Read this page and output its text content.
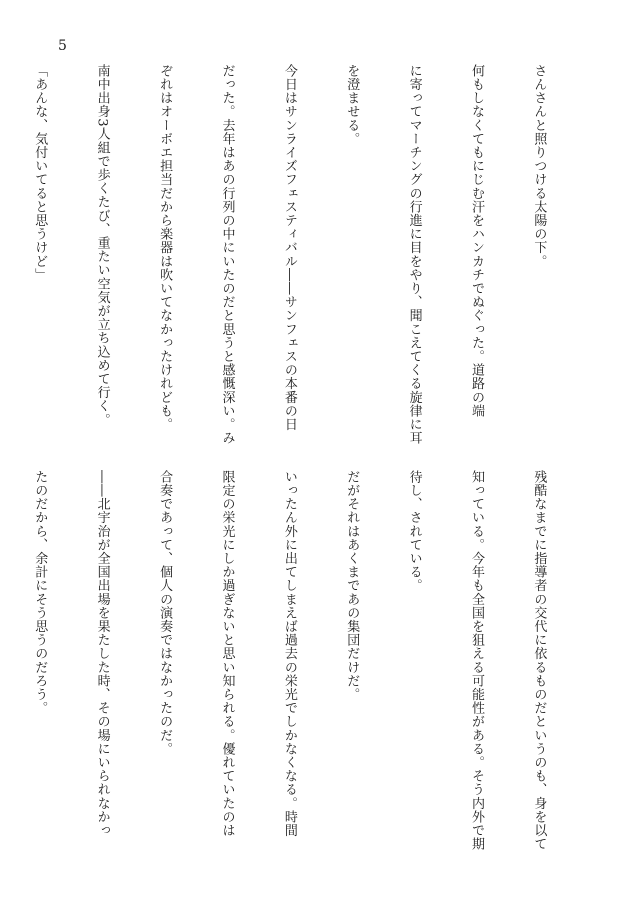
5

さんさんと照りつける太陽の下。

何もしなくてもにじむ汗をハンカチでぬぐった。道路の端

に寄ってマーチングの行進に目をやり、聞こえてくる旋律に耳

を澄ませる。

今日はサンライズフェスティバル――サンフェスの本番の日

だった。去年はあの行列の中にいたのだと思うと感慨深い。み

ぞれはオーボエ担当だから楽器は吹いてなかったけれども。

南中出身3人組で歩くたび、重たい空気が立ち込めて行く。

「あんな、気付いてると思うけど」

残酷なまでに指導者の交代に依るものだというのも、身を以て

知っている。今年も全国を狙える可能性がある。そう内外で期

待し、されている。

だがそれはあくまであの集団だけだ。

いったん外に出てしまえば過去の栄光でしかなくなる。時間

限定の栄光にしか過ぎないと思い知られる。優れていたのは

合奏であって、個人の演奏ではなかったのだ。

――北宇治が全国出場を果たした時、その場にいられなかっ

たのだから、余計にそう思うのだろう。
